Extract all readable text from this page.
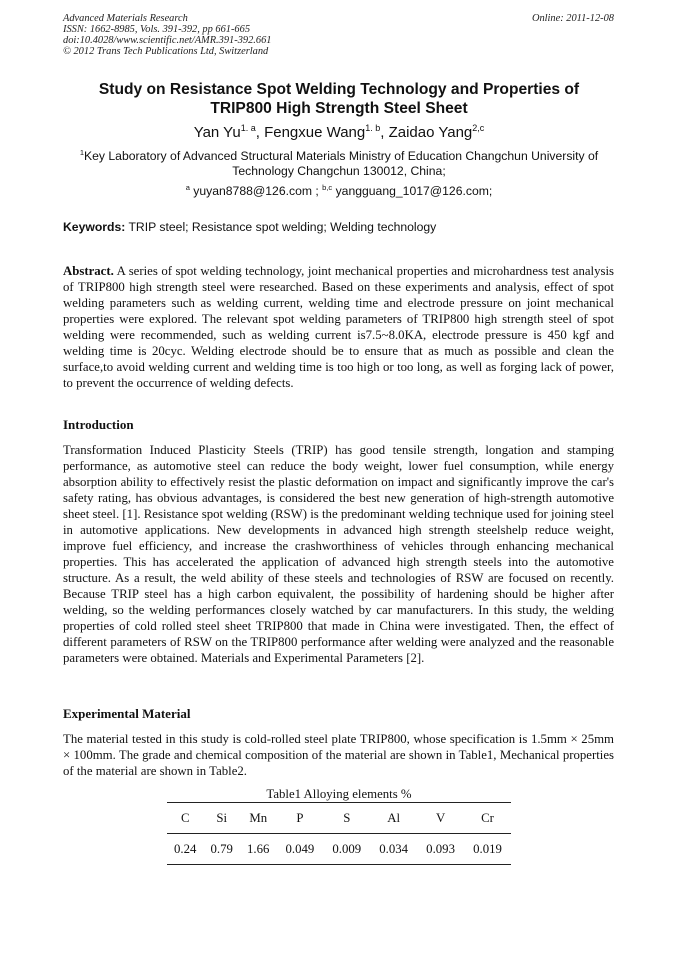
Advanced Materials Research
ISSN: 1662-8985, Vols. 391-392, pp 661-665
doi:10.4028/www.scientific.net/AMR.391-392.661
© 2012 Trans Tech Publications Ltd, Switzerland
Online: 2011-12-08
Study on Resistance Spot Welding Technology and Properties of
TRIP800 High Strength Steel Sheet
Yan $Yu^{1. a}$, Fengxue Wang$^{1. b}$, Zaidao Yang$^{2,c}$
$^1$Key Laboratory of Advanced Structural Materials Ministry of Education Changchun University of Technology Changchun 130012, China;
$^a$ yuyan8788@126.com ; $^{b,c}$ yangguang_1017@126.com;
Keywords: TRIP steel; Resistance spot welding; Welding technology
Abstract. A series of spot welding technology, joint mechanical properties and microhardness test analysis of TRIP800 high strength steel were researched. Based on these experiments and analysis, effect of spot welding parameters such as welding current, welding time and electrode pressure on joint mechanical properties were explored. The relevant spot welding parameters of TRIP800 high strength steel of spot welding were recommended, such as welding current is7.5~8.0KA, electrode pressure is 450 kgf and welding time is 20cyc. Welding electrode should be to ensure that as much as possible and clean the surface,to avoid welding current and welding time is too high or too long, as well as forging lack of power, to prevent the occurrence of welding defects.
Introduction
Transformation Induced Plasticity Steels (TRIP) has good tensile strength, longation and stamping performance, as automotive steel can reduce the body weight, lower fuel consumption, while energy absorption ability to effectively resist the plastic deformation on impact and significantly improve the car's safety rating, has obvious advantages, is considered the best new generation of high-strength automotive sheet steel. [1]. Resistance spot welding (RSW) is the predominant welding technique used for joining steel in automotive applications. New developments in advanced high strength steelshelp reduce weight, improve fuel efficiency, and increase the crashworthiness of vehicles through enhancing mechanical properties. This has accelerated the application of advanced high strength steels into the automotive structure. As a result, the weld ability of these steels and technologies of RSW are focused on recently. Because TRIP steel has a high carbon equivalent, the possibility of hardening should be higher after welding, so the welding performances closely watched by car manufacturers. In this study, the welding properties of cold rolled steel sheet TRIP800 that made in China were investigated. Then, the effect of different parameters of RSW on the TRIP800 performance after welding were analyzed and the reasonable parameters were obtained. Materials and Experimental Parameters [2].
Experimental Material
The material tested in this study is cold-rolled steel plate TRIP800, whose specification is 1.5mm × 25mm × 100mm. The grade and chemical composition of the material are shown in Table1, Mechanical properties of the material are shown in Table2.
Table1 Alloying elements %
C	Si	Mn	P	S	Al	V	Cr
0.24	0.79	1.66	0.049	0.009	0.034	0.093	0.019
